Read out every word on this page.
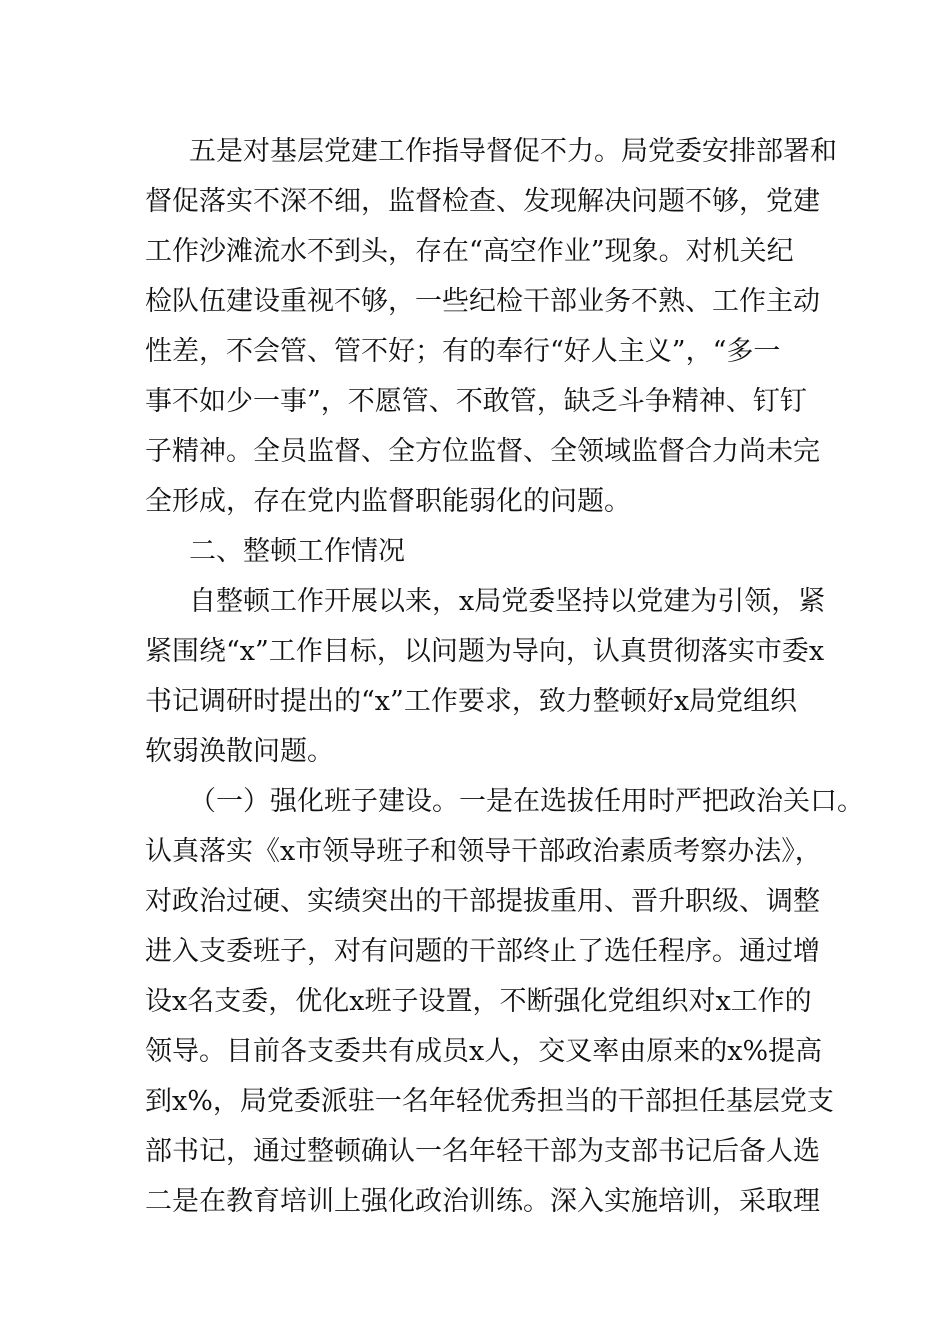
五是对基层党建工作指导督促不力。局党委安排部署和
督促落实不深不细，监督检查、发现解决问题不够，党建
工作沙滩流水不到头，存在“高空作业”现象。对机关纪
检队伍建设重视不够，一些纪检干部业务不熟、工作主动
性差，不会管、管不好；有的奉行“好人主义”，“多一
事不如少一事”，不愿管、不敢管，缺乏斗争精神、钉钉
子精神。全员监督、全方位监督、全领域监督合力尚未完
全形成，存在党内监督职能弱化的问题。
二、整顿工作情况
自整顿工作开展以来，x局党委坚持以党建为引领，紧
紧围绕“x”工作目标，以问题为导向，认真贯彻落实市委x
书记调研时提出的“x”工作要求，致力整顿好x局党组织
软弱涣散问题。
（一）强化班子建设。一是在选拔任用时严把政治关口。
认真落实《x市领导班子和领导干部政治素质考察办法》，
对政治过硬、实绩突出的干部提拔重用、晋升职级、调整
进入支委班子，对有问题的干部终止了选任程序。通过增
设x名支委，优化x班子设置，不断强化党组织对x工作的
领导。目前各支委共有成员x人，交叉率由原来的x%提高
到x%，局党委派驻一名年轻优秀担当的干部担任基层党支
部书记，通过整顿确认一名年轻干部为支部书记后备人选
二是在教育培训上强化政治训练。深入实施培训，采取理
